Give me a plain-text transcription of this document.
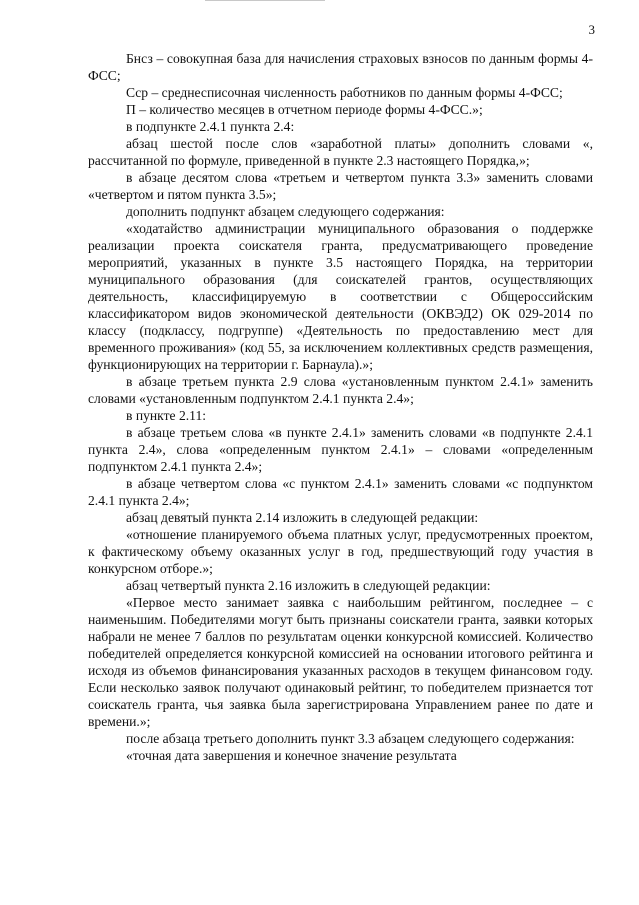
3

Бнсз – совокупная база для начисления страховых взносов по данным формы 4-ФСС;

Сср – среднесписочная численность работников по данным формы 4-ФСС;

П – количество месяцев в отчетном периоде формы 4-ФСС.»;

в подпункте 2.4.1 пункта 2.4:

абзац шестой после слов «заработной платы» дополнить словами «, рассчитанной по формуле, приведенной в пункте 2.3 настоящего Порядка,»;

в абзаце десятом слова «третьем и четвертом пункта 3.3» заменить словами «четвертом и пятом пункта 3.5»;

дополнить подпункт абзацем следующего содержания:

«ходатайство администрации муниципального образования о поддержке реализации проекта соискателя гранта, предусматривающего проведение мероприятий, указанных в пункте 3.5 настоящего Порядка, на территории муниципального образования (для соискателей грантов, осуществляющих деятельность, классифицируемую в соответствии с Общероссийским классификатором видов экономической деятельности (ОКВЭД2) ОК 029-2014 по классу (подклассу, подгруппе) «Деятельность по предоставлению мест для временного проживания» (код 55, за исключением коллективных средств размещения, функционирующих на территории г. Барнаула).»;

в абзаце третьем пункта 2.9 слова «установленным пунктом 2.4.1» заменить словами «установленным подпунктом 2.4.1 пункта 2.4»;

в пункте 2.11:

в абзаце третьем слова «в пункте 2.4.1» заменить словами «в подпункте 2.4.1 пункта 2.4», слова «определенным пунктом 2.4.1» – словами «определенным подпунктом 2.4.1 пункта 2.4»;

в абзаце четвертом слова «с пунктом 2.4.1» заменить словами «с подпунктом 2.4.1 пункта 2.4»;

абзац девятый пункта 2.14 изложить в следующей редакции:

«отношение планируемого объема платных услуг, предусмотренных проектом, к фактическому объему оказанных услуг в год, предшествующий году участия в конкурсном отборе.»;

абзац четвертый пункта 2.16 изложить в следующей редакции:

«Первое место занимает заявка с наибольшим рейтингом, последнее – с наименьшим. Победителями могут быть признаны соискатели гранта, заявки которых набрали не менее 7 баллов по результатам оценки конкурсной комиссией. Количество победителей определяется конкурсной комиссией на основании итогового рейтинга и исходя из объемов финансирования указанных расходов в текущем финансовом году. Если несколько заявок получают одинаковый рейтинг, то победителем признается тот соискатель гранта, чья заявка была зарегистрирована Управлением ранее по дате и времени.»;

после абзаца третьего дополнить пункт 3.3 абзацем следующего содержания:

«точная дата завершения и конечное значение результата
